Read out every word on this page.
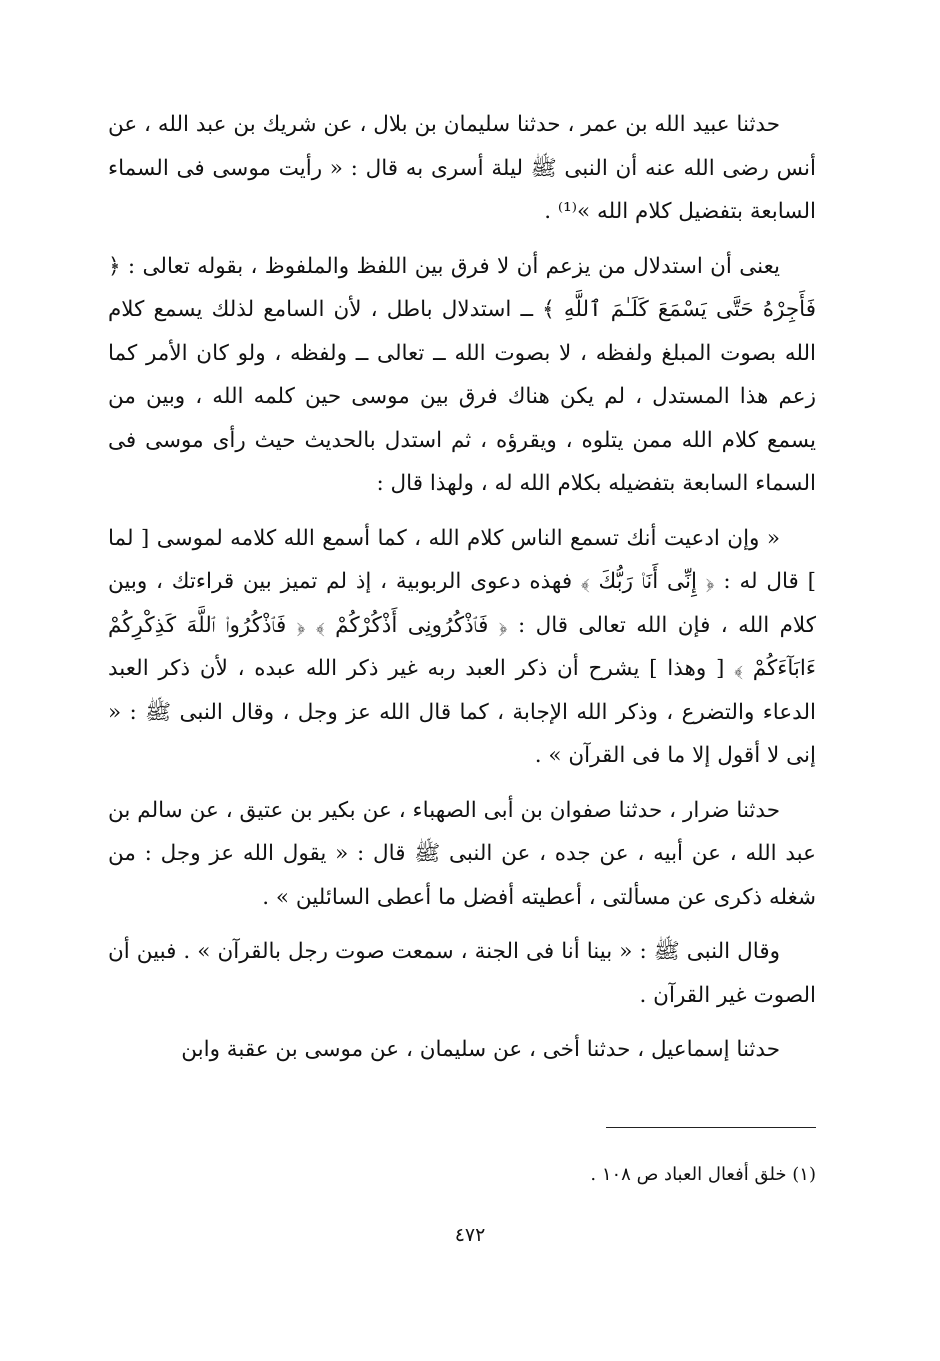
حدثنا عبيد الله بن عمر ، حدثنا سليمان بن بلال ، عن شريك بن عبد الله ، عن أنس رضى الله عنه أن النبى ﷺ ليلة أسرى به قال : « رأيت موسى فى السماء السابعة بتفضيل كلام الله »⁽¹⁾ .

يعنى أن استدلال من يزعم أن لا فرق بين اللفظ والملفوظ ، بقوله تعالى : ﴿ فَأَجِرْهُ حَتَّى يَسْمَعَ كَلَـٰمَ ٱللَّهِ ﴾ ــ استدلال باطل ، لأن السامع لذلك يسمع كلام الله بصوت المبلغ ولفظه ، لا بصوت الله ــ تعالى ــ ولفظه ، ولو كان الأمر كما زعم هذا المستدل ، لم يكن هناك فرق بين موسى حين كلمه الله ، وبين من يسمع كلام الله ممن يتلوه ، ويقرؤه ، ثم استدل بالحديث حيث رأى موسى فى السماء السابعة بتفضيله بكلام الله له ، ولهذا قال :

« وإن ادعيت أنك تسمع الناس كلام الله ، كما أسمع الله كلامه لموسى [ لما ] قال له : ﴿ إِنِّى أَنَا۠ رَبُّكَ ﴾ فهذه دعوى الربوبية ، إذ لم تميز بين قراءتك ، وبين كلام الله ، فإن الله تعالى قال : ﴿ فَٱذْكُرُونِى أَذْكُرْكُمْ ﴾ ﴿ فَٱذْكُرُوا۟ ٱللَّهَ كَذِكْرِكُمْ ءَابَآءَكُمْ ﴾ [ وهذا ] يشرح أن ذكر العبد ربه غير ذكر الله عبده ، لأن ذكر العبد الدعاء والتضرع ، وذكر الله الإجابة ، كما قال الله عز وجل ، وقال النبى ﷺ : « إنى لا أقول إلا ما فى القرآن » .

حدثنا ضرار ، حدثنا صفوان بن أبى الصهباء ، عن بكير بن عتيق ، عن سالم بن عبد الله ، عن أبيه ، عن جده ، عن النبى ﷺ قال : « يقول الله عز وجل : من شغله ذكرى عن مسألتى ، أعطيته أفضل ما أعطى السائلين » .

وقال النبى ﷺ : « بينا أنا فى الجنة ، سمعت صوت رجل بالقرآن » . فبين أن الصوت غير القرآن .

حدثنا إسماعيل ، حدثنا أخى ، عن سليمان ، عن موسى بن عقبة وابن

(١) خلق أفعال العباد ص ١٠٨ .
٤٧٢
